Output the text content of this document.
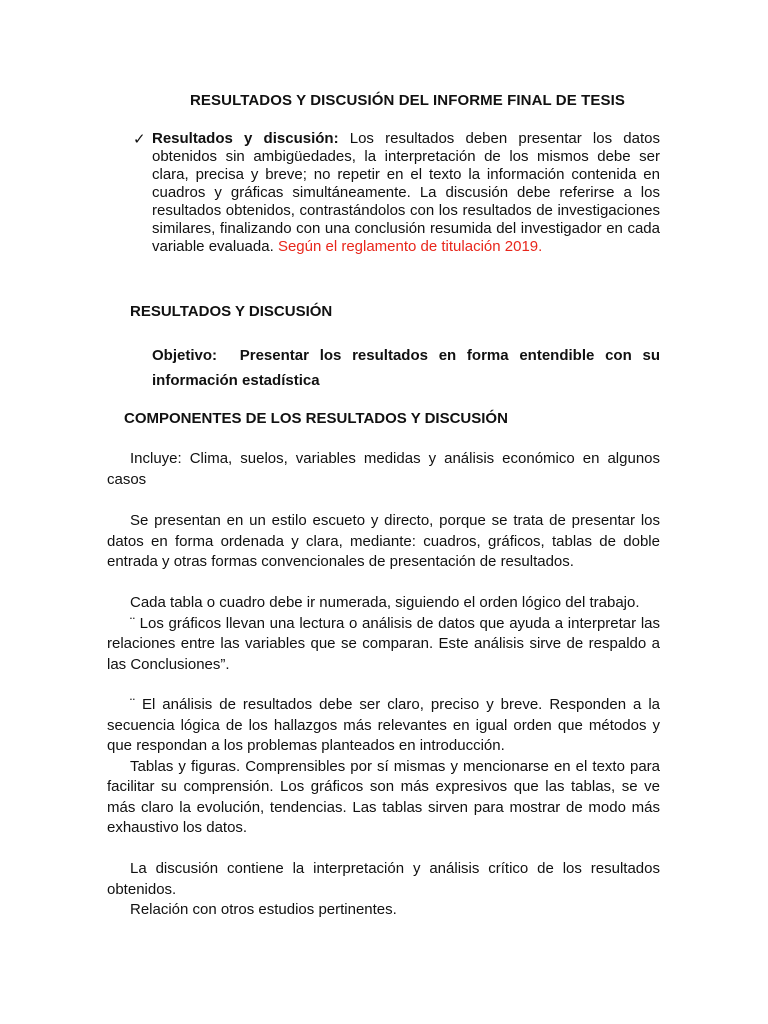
RESULTADOS Y DISCUSIÓN DEL INFORME FINAL DE TESIS
✓ Resultados y discusión: Los resultados deben presentar los datos obtenidos sin ambigüedades, la interpretación de los mismos debe ser clara, precisa y breve; no repetir en el texto la información contenida en cuadros y gráficas simultáneamente. La discusión debe referirse a los resultados obtenidos, contrastándolos con los resultados de investigaciones similares, finalizando con una conclusión resumida del investigador en cada variable evaluada. Según el reglamento de titulación 2019.
RESULTADOS Y DISCUSIÓN
Objetivo: Presentar los resultados en forma entendible con su información estadística
COMPONENTES DE LOS RESULTADOS Y DISCUSIÓN

Incluye: Clima, suelos, variables medidas y análisis económico en algunos casos

Se presentan en un estilo escueto y directo, porque se trata de presentar los datos en forma ordenada y clara, mediante: cuadros, gráficos, tablas de doble entrada y otras formas convencionales de presentación de resultados.

Cada tabla o cuadro debe ir numerada, siguiendo el orden lógico del trabajo.
¨ Los gráficos llevan una lectura o análisis de datos que ayuda a interpretar las relaciones entre las variables que se comparan. Este análisis sirve de respaldo a las Conclusiones”.
¨ El análisis de resultados debe ser claro, preciso y breve. Responden a la secuencia lógica de los hallazgos más relevantes en igual orden que métodos y que respondan a los problemas planteados en introducción.
Tablas y figuras. Comprensibles por sí mismas y mencionarse en el texto para facilitar su comprensión. Los gráficos son más expresivos que las tablas, se ve más claro la evolución, tendencias. Las tablas sirven para mostrar de modo más exhaustivo los datos.
La discusión contiene la interpretación y análisis crítico de los resultados obtenidos.
Relación con otros estudios pertinentes.
